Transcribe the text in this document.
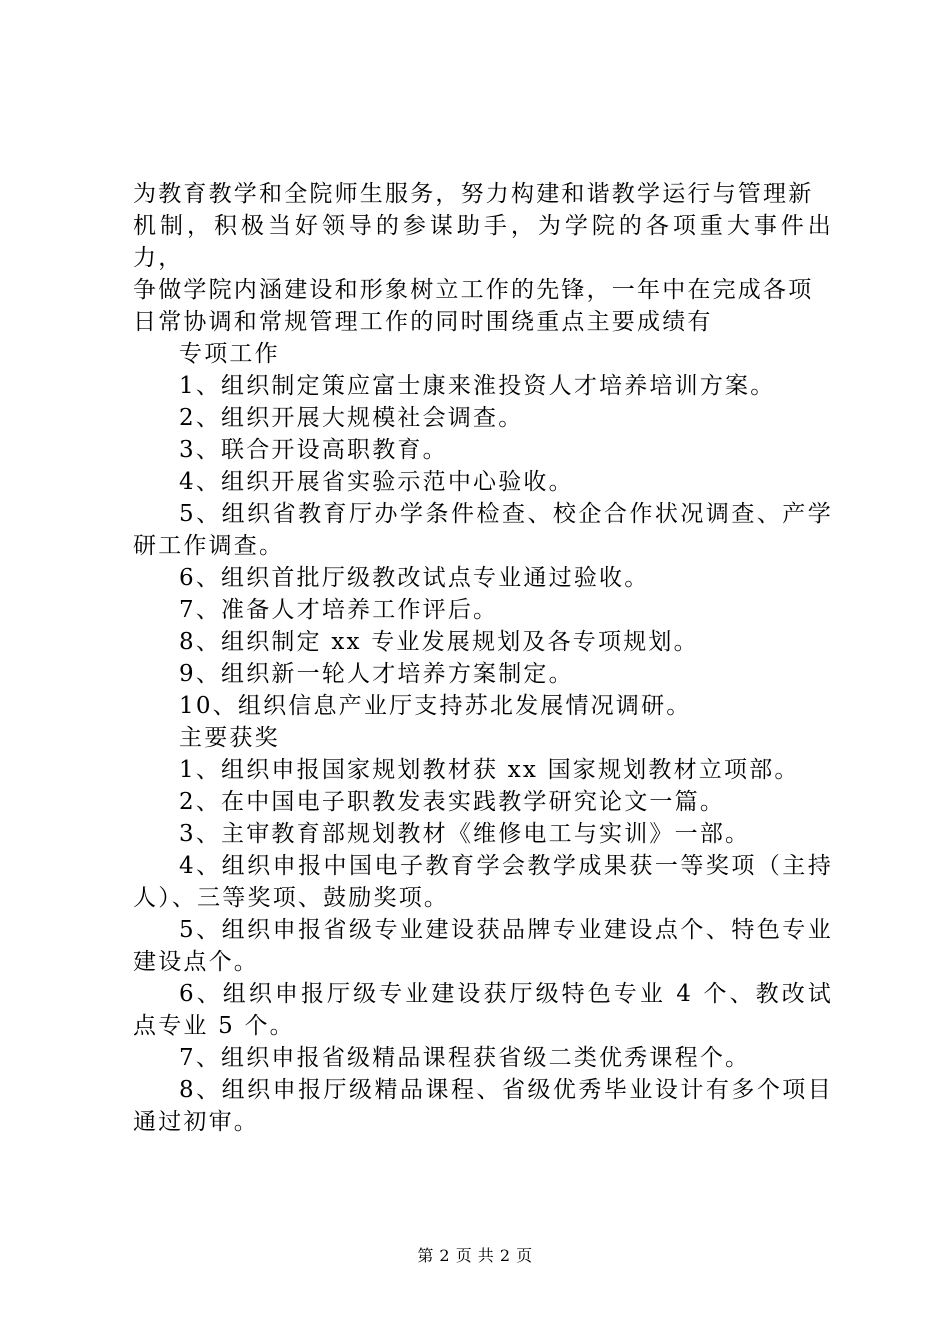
为教育教学和全院师生服务，努力构建和谐教学运行与管理新

机制，积极当好领导的参谋助手，为学院的各项重大事件出力，

争做学院内涵建设和形象树立工作的先锋，一年中在完成各项

日常协调和常规管理工作的同时围绕重点主要成绩有

专项工作

1、组织制定策应富士康来淮投资人才培养培训方案。

2、组织开展大规模社会调查。

3、联合开设高职教育。

4、组织开展省实验示范中心验收。

5、组织省教育厅办学条件检查、校企合作状况调查、产学研工作调查。

6、组织首批厅级教改试点专业通过验收。

7、准备人才培养工作评后。

8、组织制定 xx 专业发展规划及各专项规划。

9、组织新一轮人才培养方案制定。

10、组织信息产业厅支持苏北发展情况调研。

主要获奖

1、组织申报国家规划教材获 xx 国家规划教材立项部。

2、在中国电子职教发表实践教学研究论文一篇。

3、主审教育部规划教材《维修电工与实训》一部。

4、组织申报中国电子教育学会教学成果获一等奖项（主持人）、三等奖项、鼓励奖项。

5、组织申报省级专业建设获品牌专业建设点个、特色专业建设点个。

6、组织申报厅级专业建设获厅级特色专业 4 个、教改试点专业 5 个。

7、组织申报省级精品课程获省级二类优秀课程个。

8、组织申报厅级精品课程、省级优秀毕业设计有多个项目通过初审。

第 2 页 共 2 页
